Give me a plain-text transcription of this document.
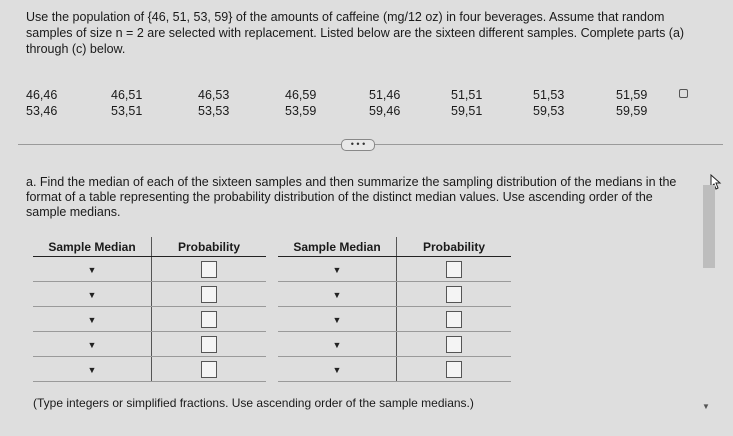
Use the population of {46, 51, 53, 59} of the amounts of caffeine (mg/12 oz) in four beverages. Assume that random samples of size n = 2 are selected with replacement. Listed below are the sixteen different samples. Complete parts (a) through (c) below.
46,46	46,51	46,53	46,59	51,46	51,51	51,53	51,59
53,46	53,51	53,53	53,59	59,46	59,51	59,53	59,59
• • •
a. Find the median of each of the sixteen samples and then summarize the sampling distribution of the medians in the format of a table representing the probability distribution of the distinct median values. Use ascending order of the sample medians.
Sample Median	Probability
▼	
▼	
▼	
▼	
▼	
Sample Median	Probability
▼	
▼	
▼	
▼	
▼	
(Type integers or simplified fractions. Use ascending order of the sample medians.)	▼
